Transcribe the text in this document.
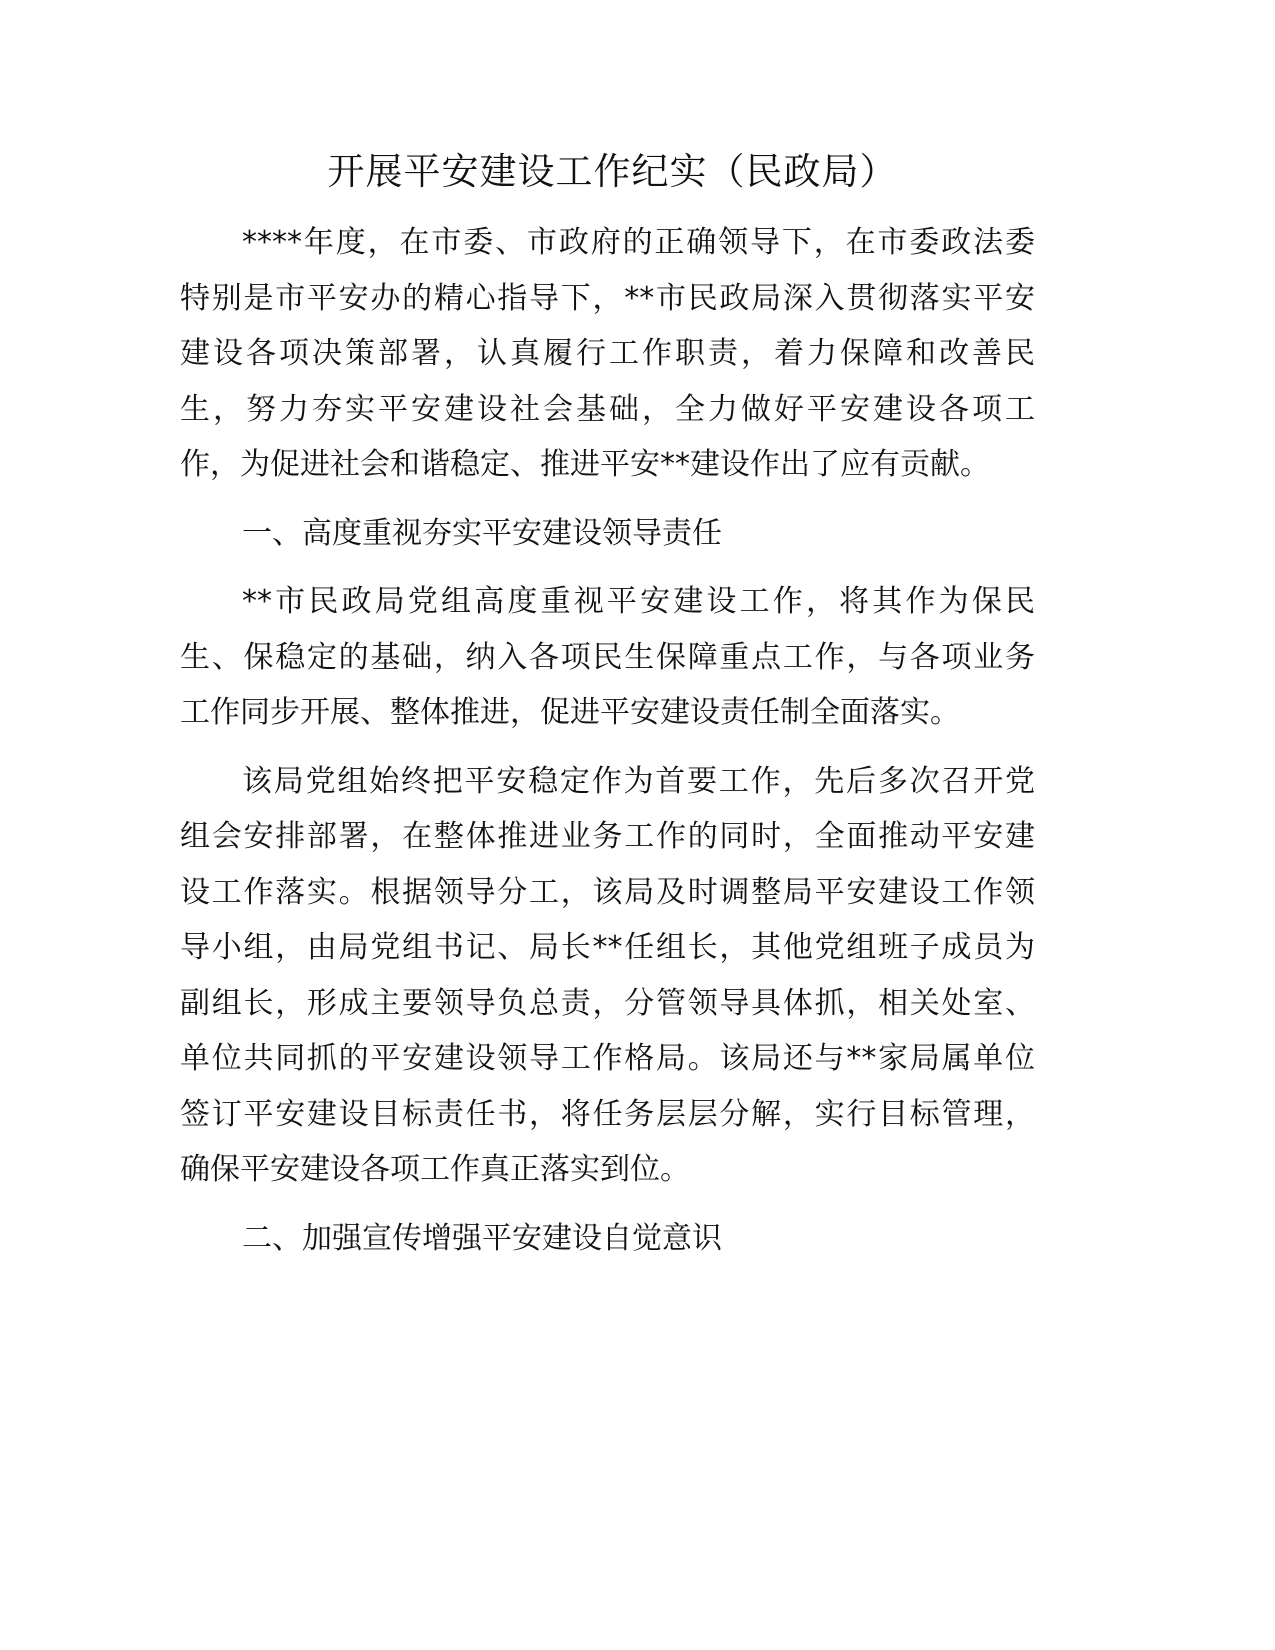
开展平安建设工作纪实（民政局）
****年度，在市委、市政府的正确领导下，在市委政法委
特别是市平安办的精心指导下，**市民政局深入贯彻落实平安
建设各项决策部署，认真履行工作职责，着力保障和改善民
生，努力夯实平安建设社会基础，全力做好平安建设各项工
作，为促进社会和谐稳定、推进平安**建设作出了应有贡献。
一、高度重视夯实平安建设领导责任
**市民政局党组高度重视平安建设工作，将其作为保民
生、保稳定的基础，纳入各项民生保障重点工作，与各项业务
工作同步开展、整体推进，促进平安建设责任制全面落实。
该局党组始终把平安稳定作为首要工作，先后多次召开党
组会安排部署，在整体推进业务工作的同时，全面推动平安建
设工作落实。根据领导分工，该局及时调整局平安建设工作领
导小组，由局党组书记、局长**任组长，其他党组班子成员为
副组长，形成主要领导负总责，分管领导具体抓，相关处室、
单位共同抓的平安建设领导工作格局。该局还与**家局属单位
签订平安建设目标责任书，将任务层层分解，实行目标管理，
确保平安建设各项工作真正落实到位。
二、加强宣传增强平安建设自觉意识
